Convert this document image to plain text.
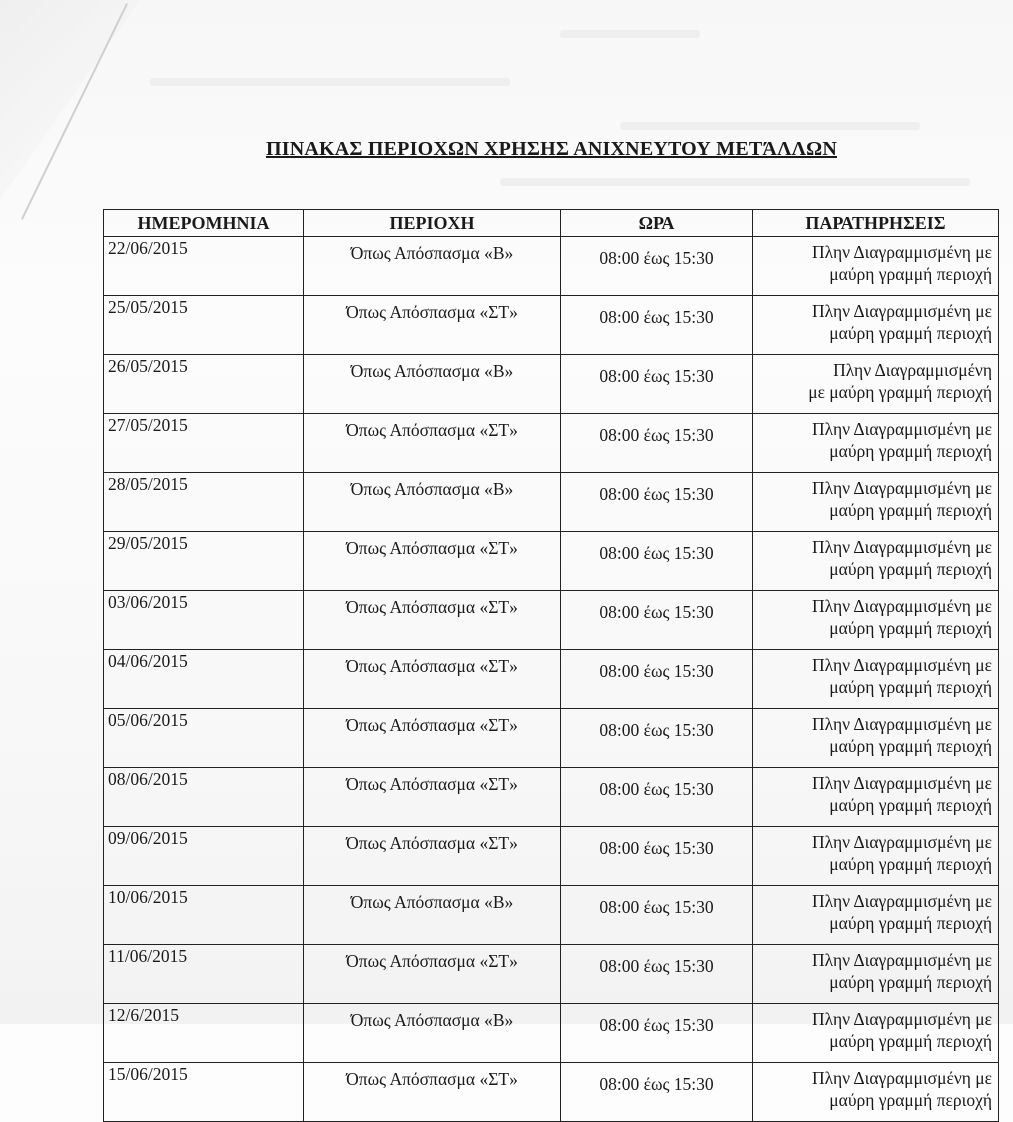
ΠΙΝΑΚΑΣ ΠΕΡΙΟΧΩΝ ΧΡΗΣΗΣ ΑΝΙΧΝΕΥΤΟΥ ΜΕΤΆΛΛΩΝ
ΗΜΕΡΟΜΗΝΙΑ	ΠΕΡΙΟΧΗ	ΩΡΑ	ΠΑΡΑΤΗΡΗΣΕΙΣ
22/06/2015	Όπως Απόσπασμα «Β»	08:00 έως 15:30	Πλην Διαγραμμισμένη με
μαύρη γραμμή περιοχή

25/05/2015	Όπως Απόσπασμα «ΣΤ»	08:00 έως 15:30	Πλην Διαγραμμισμένη με
μαύρη γραμμή περιοχή

26/05/2015	Όπως Απόσπασμα «Β»	08:00 έως 15:30	Πλην Διαγραμμισμένη
με μαύρη γραμμή περιοχή

27/05/2015	Όπως Απόσπασμα «ΣΤ»	08:00 έως 15:30	Πλην Διαγραμμισμένη με
μαύρη γραμμή περιοχή

28/05/2015	Όπως Απόσπασμα «Β»	08:00 έως 15:30	Πλην Διαγραμμισμένη με
μαύρη γραμμή περιοχή

29/05/2015	Όπως Απόσπασμα «ΣΤ»	08:00 έως 15:30	Πλην Διαγραμμισμένη με
μαύρη γραμμή περιοχή

03/06/2015	Όπως Απόσπασμα «ΣΤ»	08:00 έως 15:30	Πλην Διαγραμμισμένη με
μαύρη γραμμή περιοχή

04/06/2015	Όπως Απόσπασμα «ΣΤ»	08:00 έως 15:30	Πλην Διαγραμμισμένη με
μαύρη γραμμή περιοχή

05/06/2015	Όπως Απόσπασμα «ΣΤ»	08:00 έως 15:30	Πλην Διαγραμμισμένη με
μαύρη γραμμή περιοχή

08/06/2015	Όπως Απόσπασμα «ΣΤ»	08:00 έως 15:30	Πλην Διαγραμμισμένη με
μαύρη γραμμή περιοχή

09/06/2015	Όπως Απόσπασμα «ΣΤ»	08:00 έως 15:30	Πλην Διαγραμμισμένη με
μαύρη γραμμή περιοχή

10/06/2015	Όπως Απόσπασμα «Β»	08:00 έως 15:30	Πλην Διαγραμμισμένη με
μαύρη γραμμή περιοχή

11/06/2015	Όπως Απόσπασμα «ΣΤ»	08:00 έως 15:30	Πλην Διαγραμμισμένη με
μαύρη γραμμή περιοχή

12/6/2015	Όπως Απόσπασμα «Β»	08:00 έως 15:30	Πλην Διαγραμμισμένη με
μαύρη γραμμή περιοχή

15/06/2015	Όπως Απόσπασμα «ΣΤ»	08:00 έως 15:30	Πλην Διαγραμμισμένη με
μαύρη γραμμή περιοχή
